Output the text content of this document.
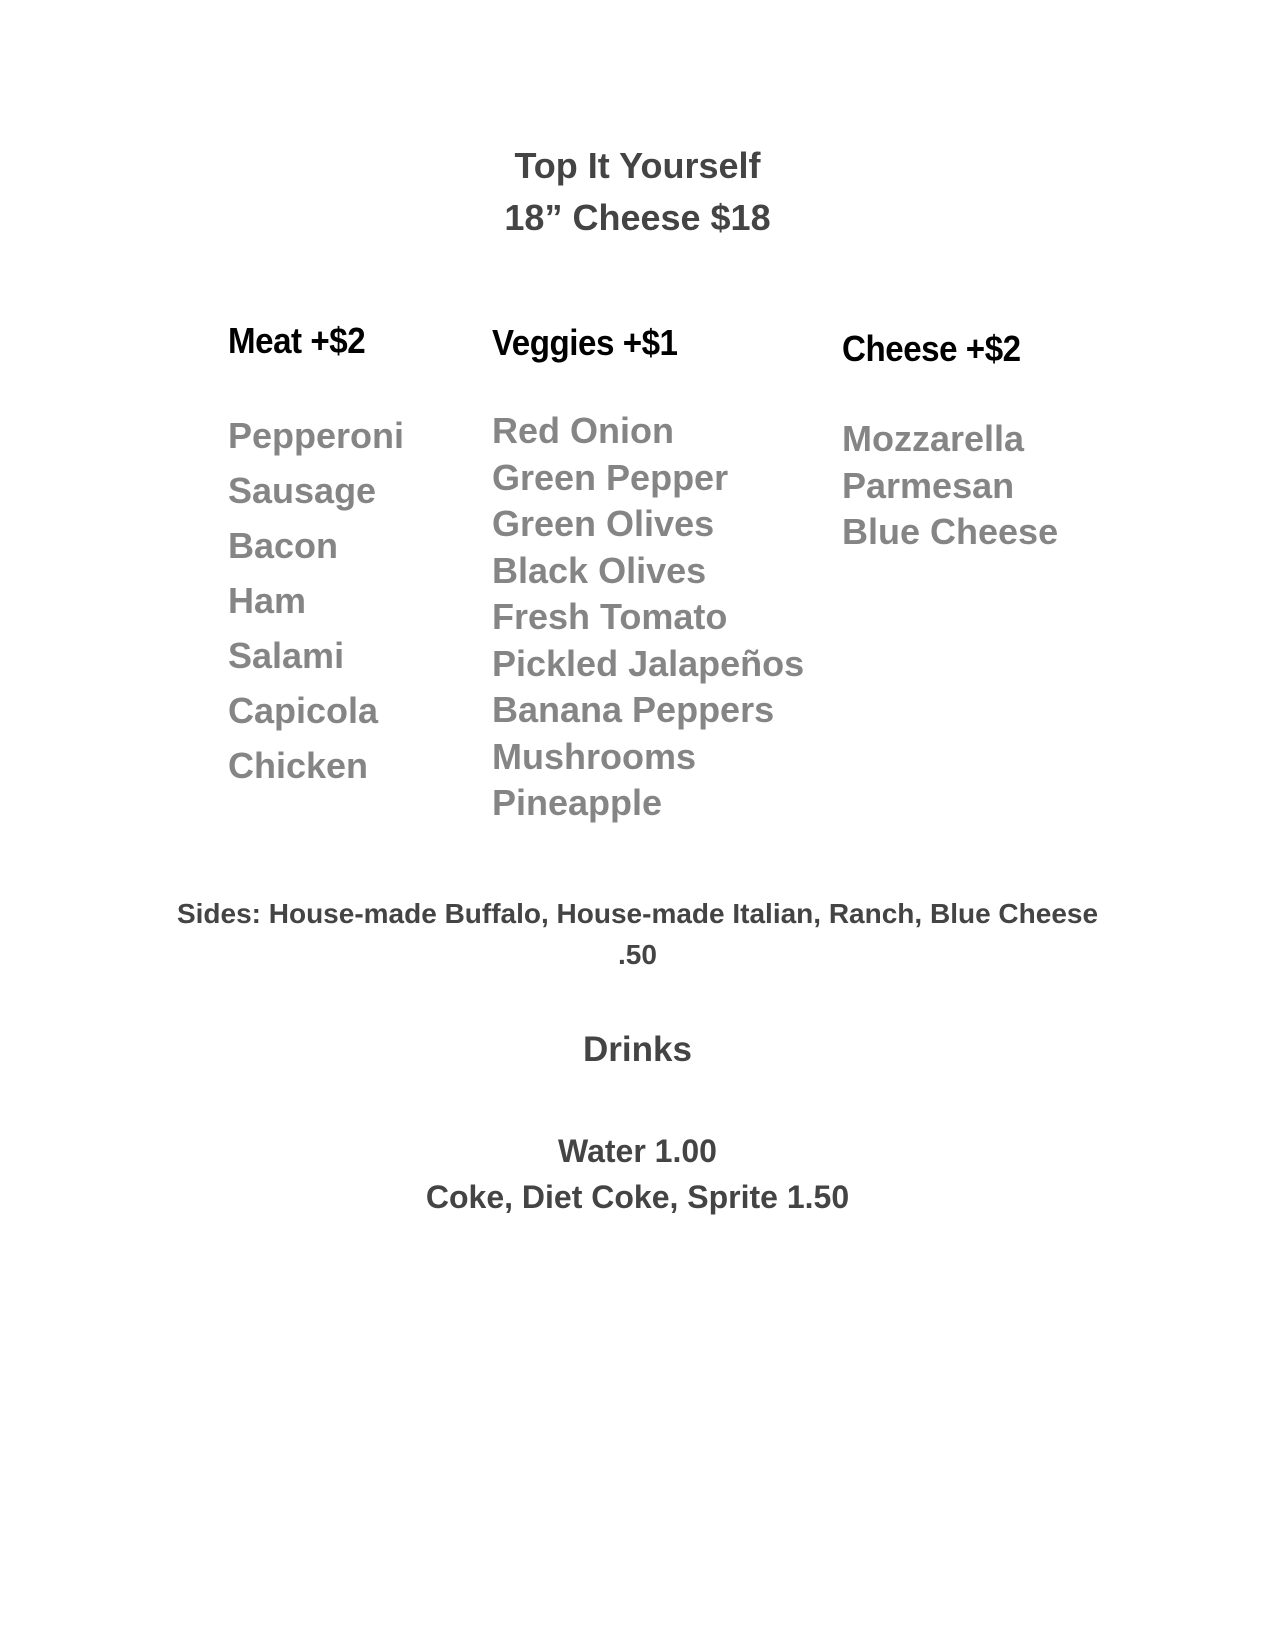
Top It Yourself
18” Cheese $18
Meat +$2
Pepperoni
Sausage
Bacon
Ham
Salami
Capicola
Chicken
Veggies +$1
Red Onion
Green Pepper
Green Olives
Black Olives
Fresh Tomato
Pickled Jalapeños
Banana Peppers
Mushrooms
Pineapple
Cheese +$2
Mozzarella
Parmesan
Blue Cheese
Sides: House-made Buffalo, House-made Italian, Ranch, Blue Cheese
.50
Drinks
Water 1.00
Coke, Diet Coke, Sprite 1.50
